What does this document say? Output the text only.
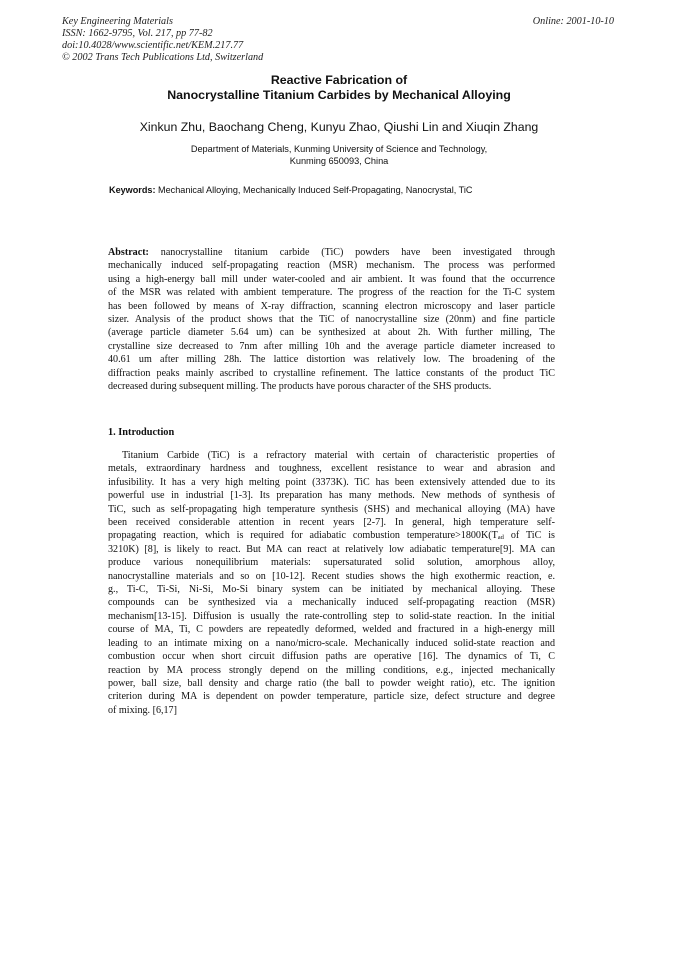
Key Engineering Materials
ISSN: 1662-9795, Vol. 217, pp 77-82
doi:10.4028/www.scientific.net/KEM.217.77
© 2002 Trans Tech Publications Ltd, Switzerland
Online: 2001-10-10
Reactive Fabrication of
Nanocrystalline Titanium Carbides by Mechanical Alloying
Xinkun Zhu, Baochang Cheng, Kunyu Zhao, Qiushi Lin and Xiuqin Zhang
Department of Materials, Kunming University of Science and Technology,
Kunming 650093, China
Keywords: Mechanical Alloying, Mechanically Induced Self-Propagating, Nanocrystal, TiC
Abstract: nanocrystalline titanium carbide (TiC) powders have been investigated through
mechanically induced self-propagating reaction (MSR) mechanism. The process was performed
using a high-energy ball mill under water-cooled and air ambient. It was found that the occurrence
of the MSR was related with ambient temperature. The progress of the reaction for the Ti-C system
has been followed by means of X-ray diffraction, scanning electron microscopy and laser particle
sizer. Analysis of the product shows that the TiC of nanocrystalline size (20nm) and fine particle
(average particle diameter 5.64 um) can be synthesized at about 2h. With further milling, The
crystalline size decreased to 7nm after milling 10h and the average particle diameter increased to
40.61 um after milling 28h. The lattice distortion was relatively low. The broadening of the
diffraction peaks mainly ascribed to crystalline refinement. The lattice constants of the product TiC
decreased during subsequent milling. The products have porous character of the SHS products.
1. Introduction
Titanium Carbide (TiC) is a refractory material with certain of characteristic properties of
metals, extraordinary hardness and toughness, excellent resistance to wear and abrasion and
infusibility. It has a very high melting point (3373K). TiC has been extensively attended due to its
powerful use in industrial [1-3]. Its preparation has many methods. New methods of synthesis of
TiC, such as self-propagating high temperature synthesis (SHS) and mechanical alloying (MA) have
been received considerable attention in recent years [2-7]. In general, high temperature self-
propagating reaction, which is required for adiabatic combustion $temperature>1800K(T_{ad}$ of TiC is
3210K) [8], is likely to react. But MA can react at relatively low adiabatic temperature[9]. MA can
produce various nonequilibrium materials: supersaturated solid solution, amorphous alloy,
nanocrystalline materials and so on [10-12]. Recent studies shows the high exothermic reaction, e.
g., Ti-C, Ti-Si, Ni-Si, Mo-Si binary system can be initiated by mechanical alloying. These
compounds can be synthesized via a mechanically induced self-propagating reaction (MSR)
mechanism[13-15]. Diffusion is usually the rate-controlling step to solid-state reaction. In the initial
course of MA, Ti, C powders are repeatedly deformed, welded and fractured in a high-energy mill
leading to an intimate mixing on a nano/micro-scale. Mechanically induced solid-state reaction and
combustion occur when short circuit diffusion paths are operative [16]. The dynamics of Ti, C
reaction by MA process strongly depend on the milling conditions, e.g., injected mechanically
power, ball size, ball density and charge ratio (the ball to powder weight ratio), etc. The ignition
criterion during MA is dependent on powder temperature, particle size, defect structure and degree
of mixing. [6,17]
